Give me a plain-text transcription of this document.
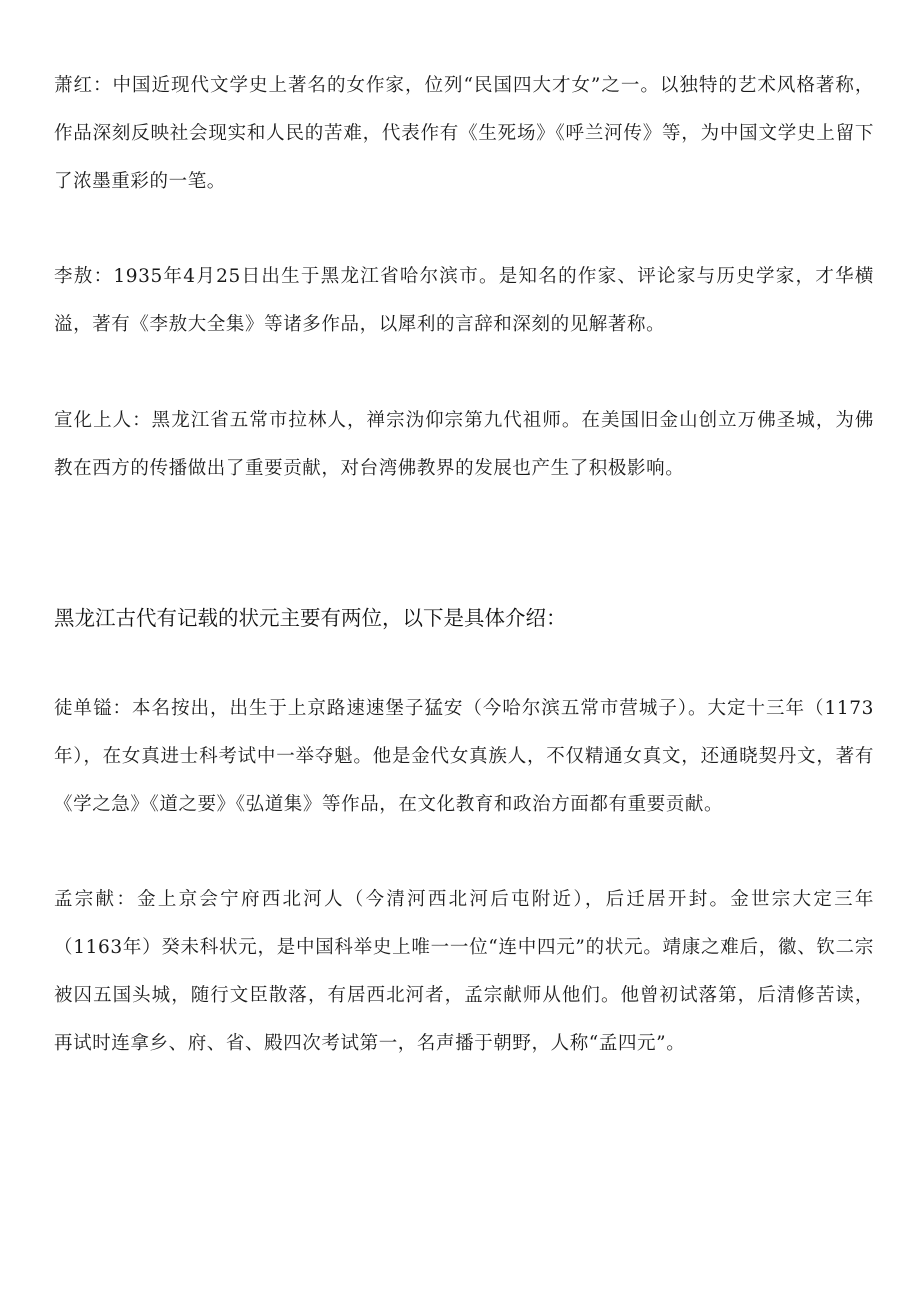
萧红：中国近现代文学史上著名的女作家，位列“民国四大才女”之一。以独特的艺术风格著称，作品深刻反映社会现实和人民的苦难，代表作有《生死场》《呼兰河传》等，为中国文学史上留下了浓墨重彩的一笔。

李敖：1935年4月25日出生于黑龙江省哈尔滨市。是知名的作家、评论家与历史学家，才华横溢，著有《李敖大全集》等诸多作品，以犀利的言辞和深刻的见解著称。

宣化上人：黑龙江省五常市拉林人，禅宗沩仰宗第九代祖师。在美国旧金山创立万佛圣城，为佛教在西方的传播做出了重要贡献，对台湾佛教界的发展也产生了积极影响。

黑龙江古代有记载的状元主要有两位，以下是具体介绍：

徒单镒：本名按出，出生于上京路速速堡子猛安（今哈尔滨五常市营城子）。大定十三年（1173年），在女真进士科考试中一举夺魁。他是金代女真族人，不仅精通女真文，还通晓契丹文，著有《学之急》《道之要》《弘道集》等作品，在文化教育和政治方面都有重要贡献。

孟宗献：金上京会宁府西北河人（今清河西北河后屯附近），后迁居开封。金世宗大定三年（1163年）癸未科状元，是中国科举史上唯一一位“连中四元”的状元。靖康之难后，徽、钦二宗被囚五国头城，随行文臣散落，有居西北河者，孟宗献师从他们。他曾初试落第，后清修苦读，再试时连拿乡、府、省、殿四次考试第一，名声播于朝野，人称“孟四元”。
